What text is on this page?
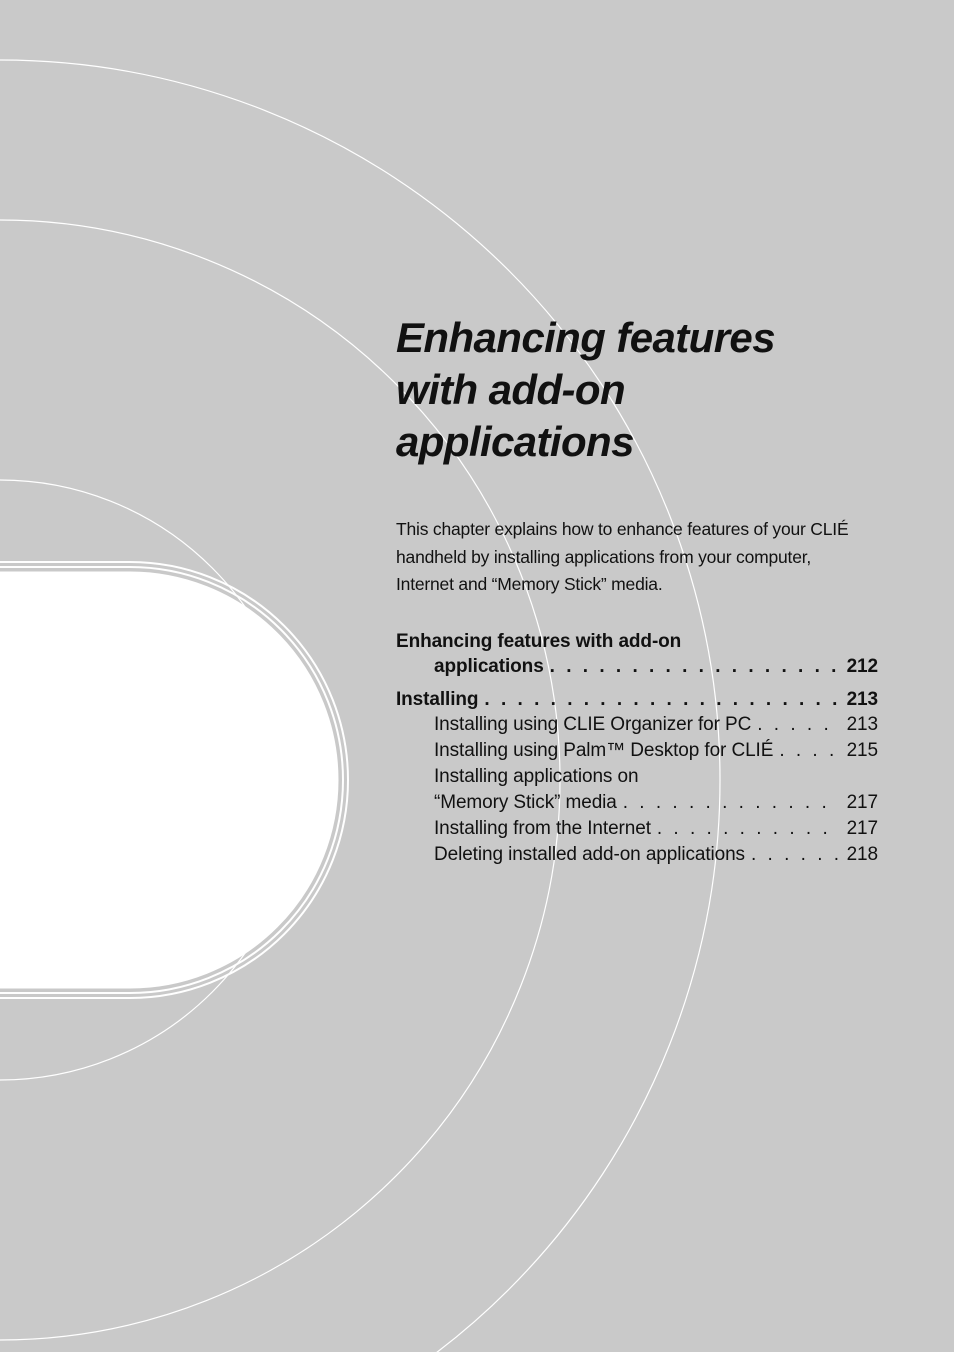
Enhancing features
with add-on
applications
This chapter explains how to enhance features of your CLIÉ
handheld by installing applications from your computer,
Internet and “Memory Stick” media.
Enhancing features with add-on
applications . . .	212
Installing . . .	213
Installing using CLIE Organizer for PC . . .	213
Installing using Palm™ Desktop for CLIÉ . . .	215
Installing applications on
“Memory Stick” media . . .	217
Installing from the Internet . . .	217
Deleting installed add-on applications . . .	218
